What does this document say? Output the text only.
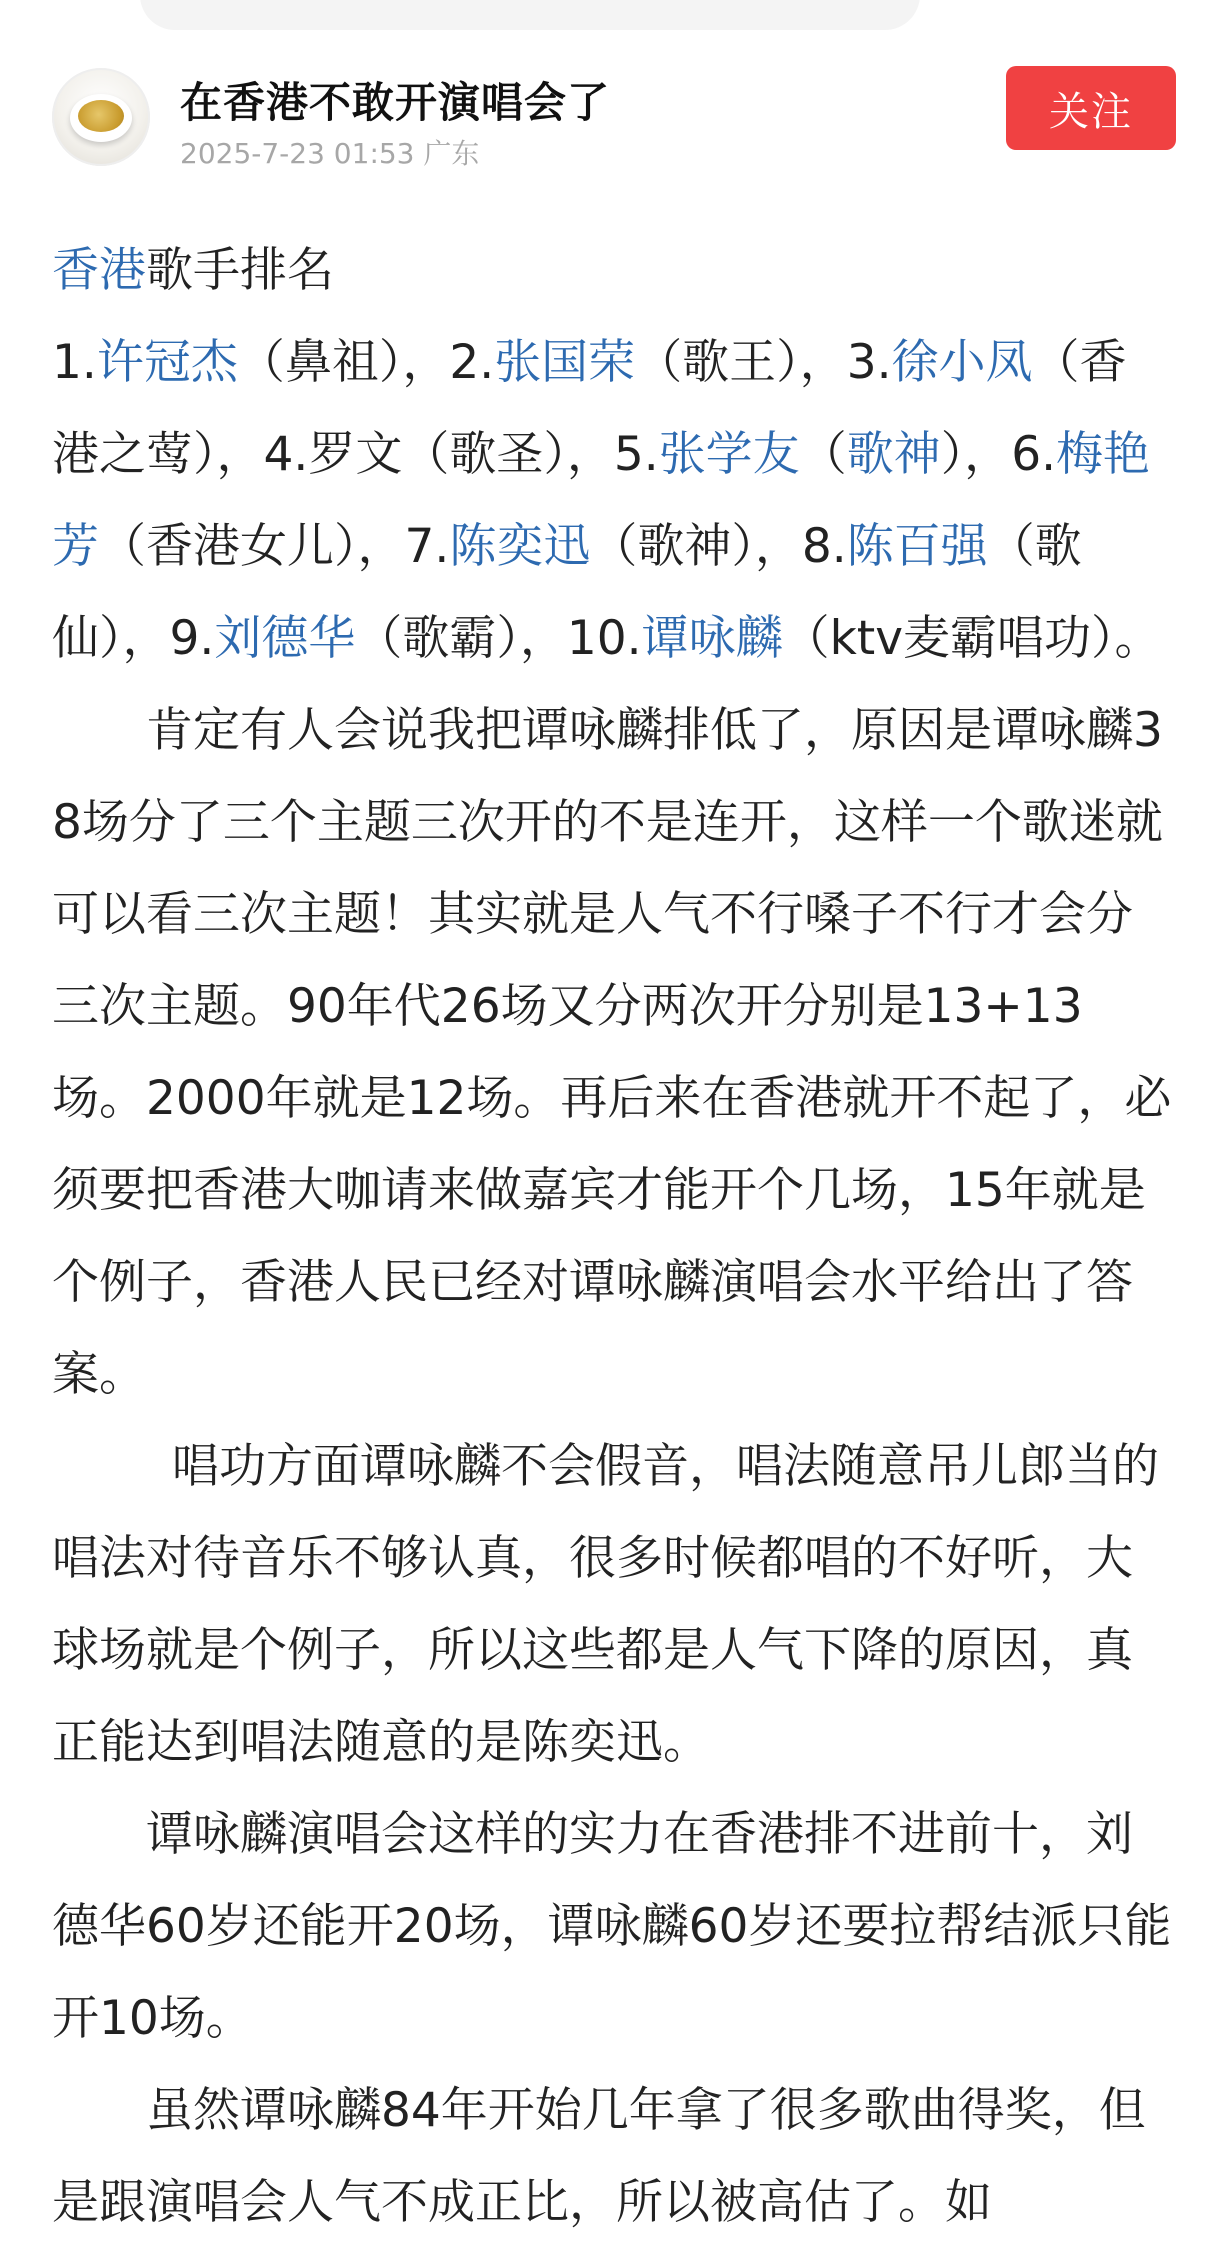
在香港不敢开演唱会了
2025-7-23 01:53 广东
关注

香港歌手排名

1.许冠杰（鼻祖），2.张国荣（歌王），3.徐小凤（香港之莺），4.罗文（歌圣），5.张学友（歌神），6.梅艳芳（香港女儿），7.陈奕迅（歌神），8.陈百强（歌仙），9.刘德华（歌霸），10.谭咏麟（ktv麦霸唱功）。

肯定有人会说我把谭咏麟排低了，原因是谭咏麟38场分了三个主题三次开的不是连开，这样一个歌迷就可以看三次主题！其实就是人气不行嗓子不行才会分三次主题。90年代26场又分两次开分别是13+13场。2000年就是12场。再后来在香港就开不起了，必须要把香港大咖请来做嘉宾才能开个几场，15年就是个例子，香港人民已经对谭咏麟演唱会水平给出了答案。

唱功方面谭咏麟不会假音，唱法随意吊儿郎当的唱法对待音乐不够认真，很多时候都唱的不好听，大球场就是个例子，所以这些都是人气下降的原因，真正能达到唱法随意的是陈奕迅。

谭咏麟演唱会这样的实力在香港排不进前十，刘德华60岁还能开20场，谭咏麟60岁还要拉帮结派只能开10场。

虽然谭咏麟84年开始几年拿了很多歌曲得奖，但是跟演唱会人气不成正比，所以被高估了。如
